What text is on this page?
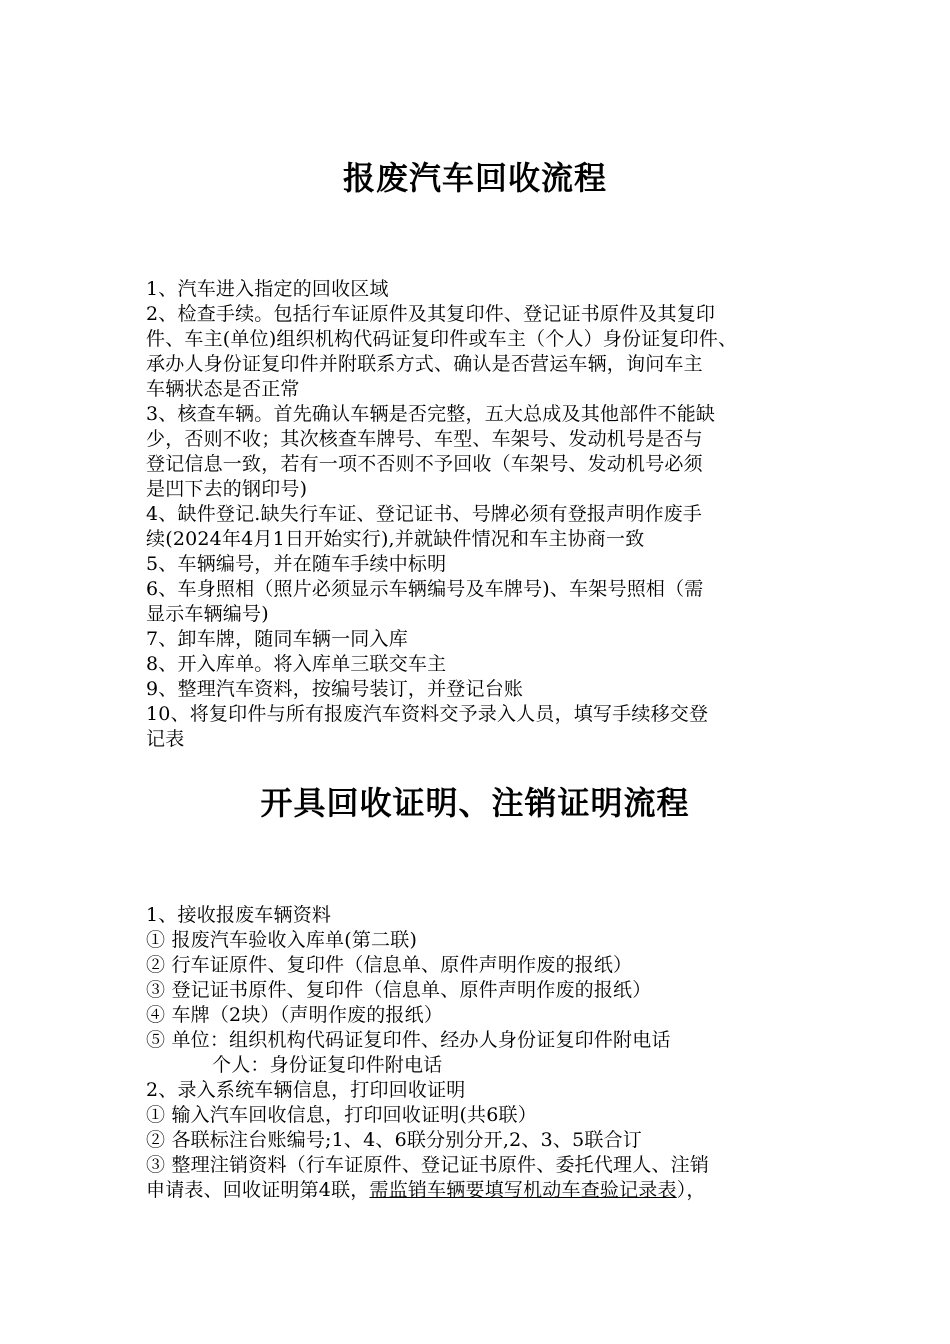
报废汽车回收流程

1、汽车进入指定的回收区域

2、检查手续。包括行车证原件及其复印件、登记证书原件及其复印

件、车主(单位)组织机构代码证复印件或车主（个人）身份证复印件、

承办人身份证复印件并附联系方式、确认是否营运车辆，询问车主

车辆状态是否正常

3、核查车辆。首先确认车辆是否完整，五大总成及其他部件不能缺

少，否则不收；其次核查车牌号、车型、车架号、发动机号是否与

登记信息一致，若有一项不否则不予回收（车架号、发动机号必须

是凹下去的钢印号)

4、缺件登记.缺失行车证、登记证书、号牌必须有登报声明作废手

续(2024年4月1日开始实行),并就缺件情况和车主协商一致

5、车辆编号，并在随车手续中标明

6、车身照相（照片必须显示车辆编号及车牌号)、车架号照相（需

显示车辆编号)

7、卸车牌，随同车辆一同入库

8、开入库单。将入库单三联交车主

9、整理汽车资料，按编号装订，并登记台账

10、将复印件与所有报废汽车资料交予录入人员，填写手续移交登

记表

开具回收证明、注销证明流程

1、接收报废车辆资料

① 报废汽车验收入库单(第二联)

② 行车证原件、复印件（信息单、原件声明作废的报纸）

③ 登记证书原件、复印件（信息单、原件声明作废的报纸）

④ 车牌（2块）（声明作废的报纸）

⑤ 单位：组织机构代码证复印件、经办人身份证复印件附电话

个人：身份证复印件附电话

2、录入系统车辆信息，打印回收证明

① 输入汽车回收信息，打印回收证明(共6联）

② 各联标注台账编号;1、4、6联分别分开,2、3、5联合订

③ 整理注销资料（行车证原件、登记证书原件、委托代理人、注销

申请表、回收证明第4联，需监销车辆要填写机动车查验记录表），
